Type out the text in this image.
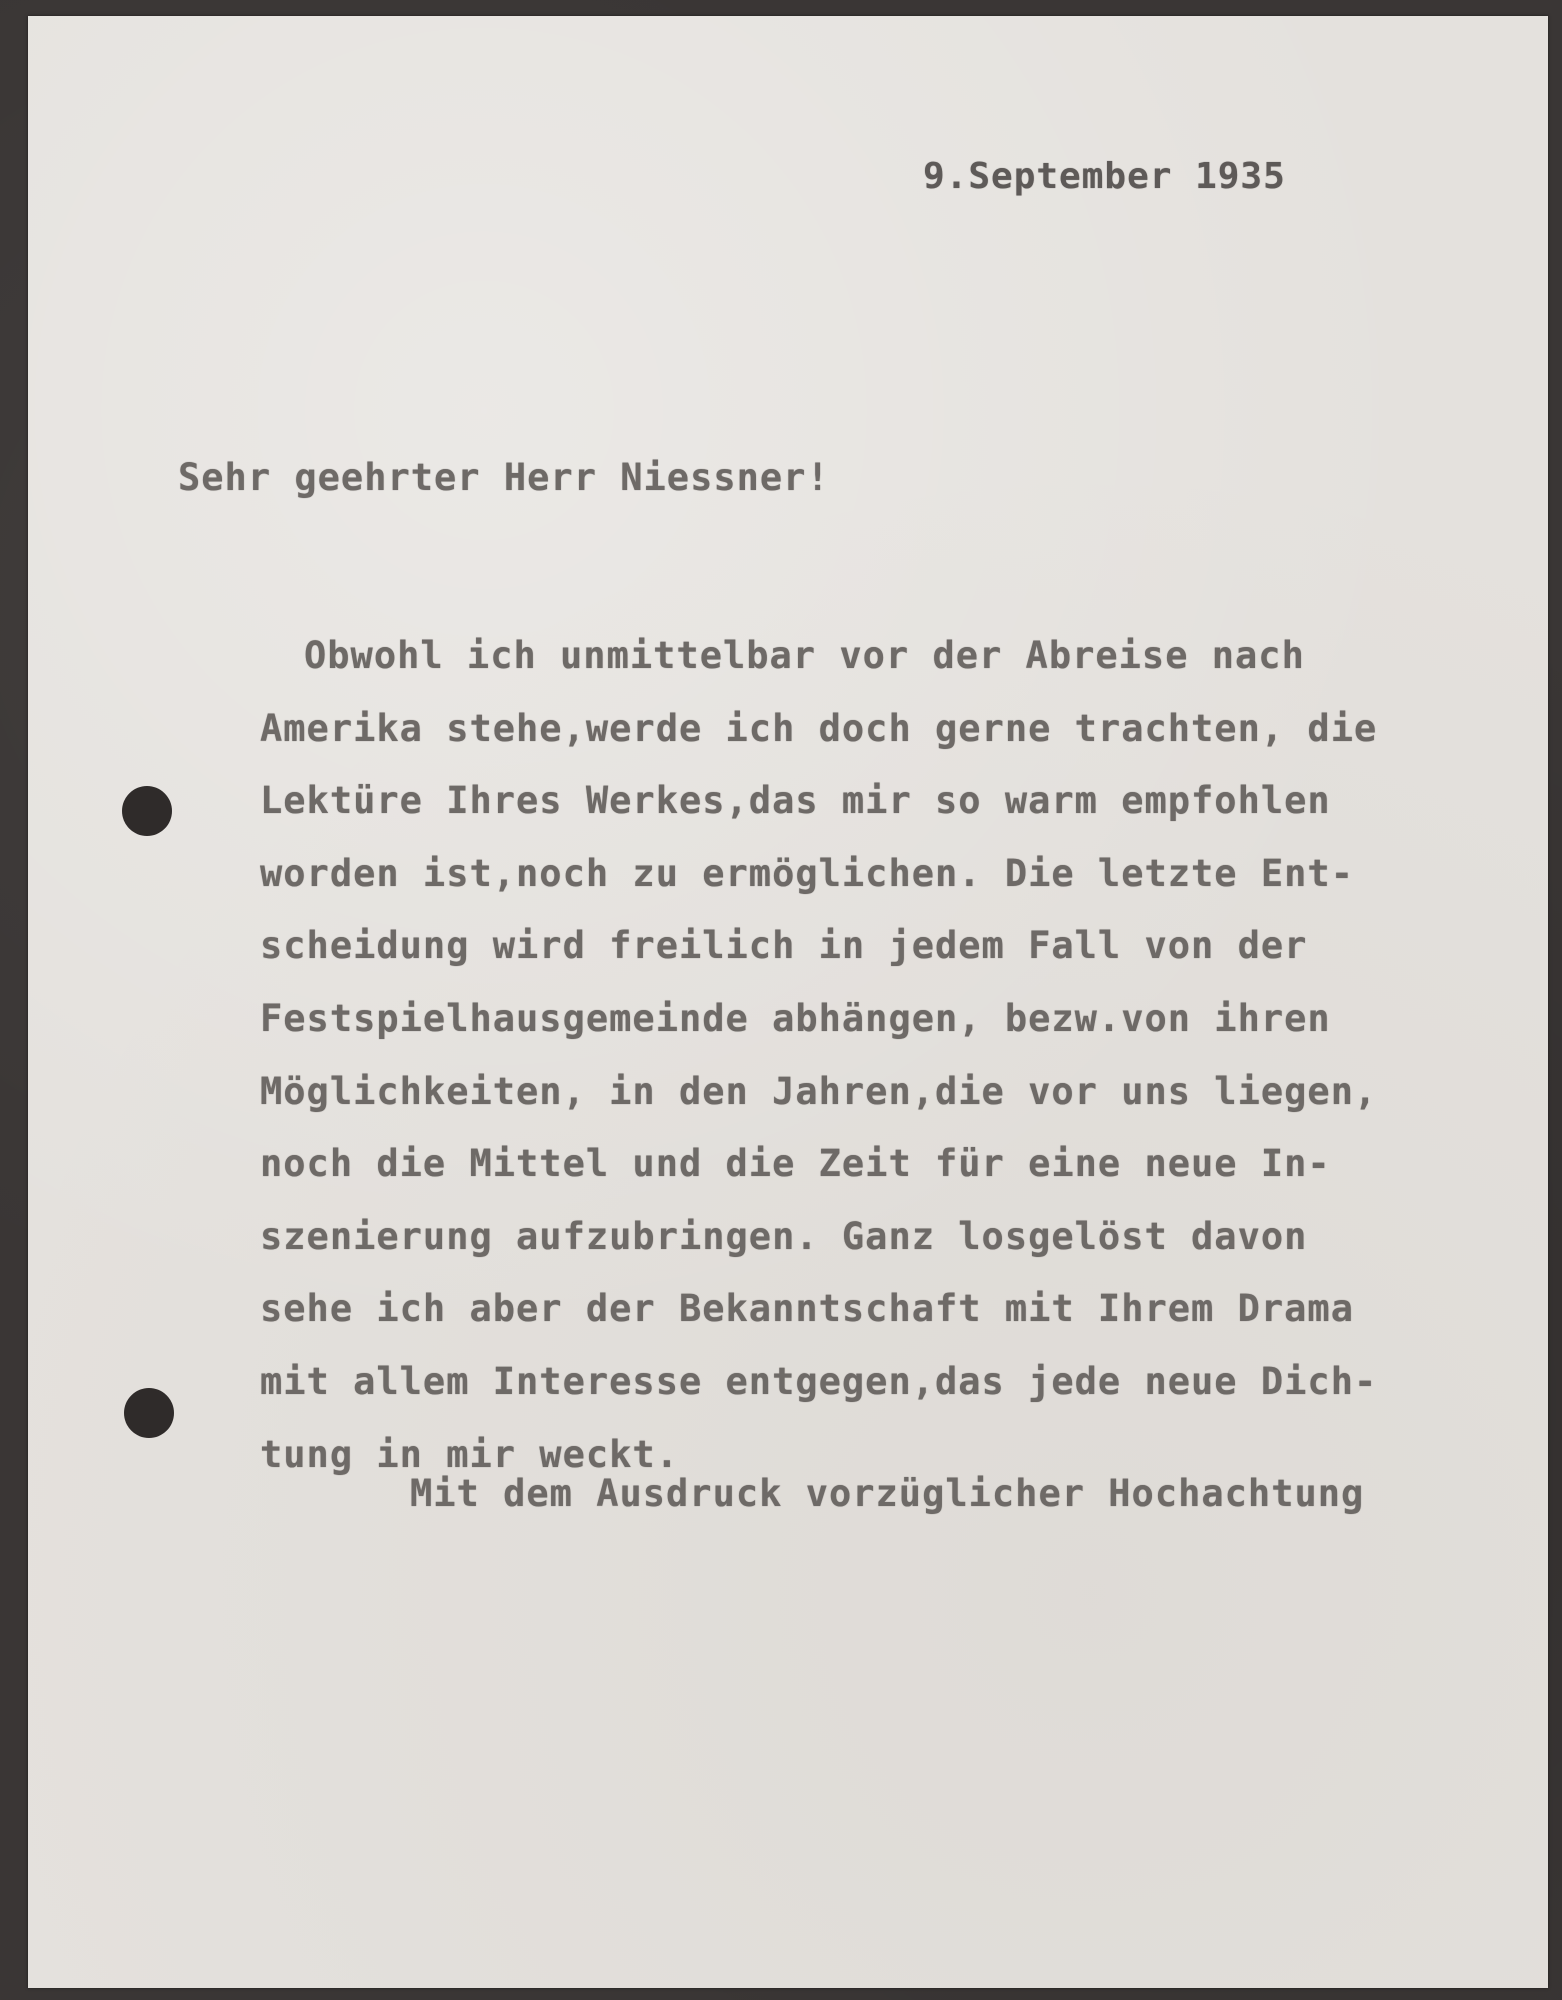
9.September 1935

Sehr geehrter Herr Niessner!

Obwohl ich unmittelbar vor der Abreise nach
Amerika stehe,werde ich doch gerne trachten, die
Lektüre Ihres Werkes,das mir so warm empfohlen
worden ist,noch zu ermöglichen. Die letzte Ent-
scheidung wird freilich in jedem Fall von der
Festspielhausgemeinde abhängen, bezw.von ihren
Möglichkeiten, in den Jahren,die vor uns liegen,
noch die Mittel und die Zeit für eine neue In-
szenierung aufzubringen. Ganz losgelöst davon
sehe ich aber der Bekanntschaft mit Ihrem Drama
mit allem Interesse entgegen,das jede neue Dich-
tung in mir weckt.

Mit dem Ausdruck vorzüglicher Hochachtung
